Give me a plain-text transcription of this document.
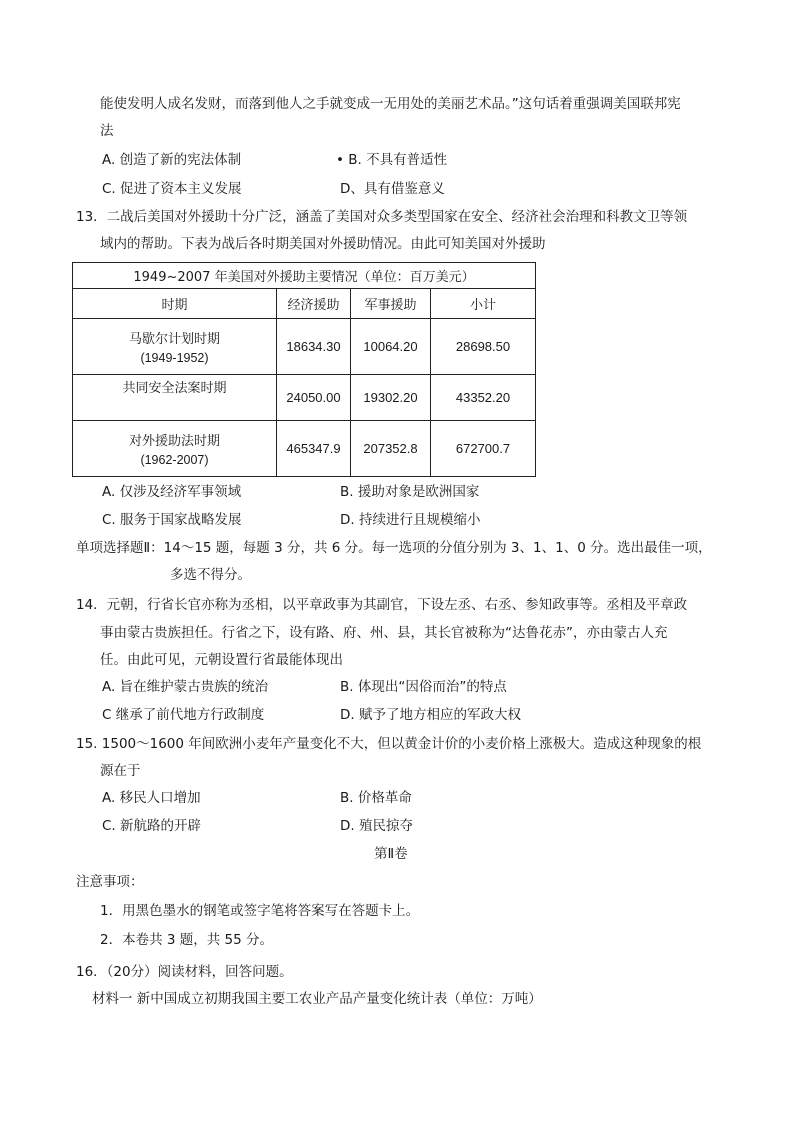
能使发明人成名发财，而落到他人之手就变成一无用处的美丽艺术品。”这句话着重强调美国联邦宪
法
A. 创造了新的宪法体制	• B. 不具有普适性
C. 促进了资本主义发展	D、具有借鉴意义
13．二战后美国对外援助十分广泛，涵盖了美国对众多类型国家在安全、经济社会治理和科教文卫等领
域内的帮助。下表为战后各时期美国对外援助情况。由此可知美国对外援助
1949~2007 年美国对外援助主要情况（单位：百万美元）			
时期	经济援助	军事援助	小计

马歇尔计划时期
(1949-1952)	18634.30	10064.20	28698.50

共同安全法案时期	24050.00	19302.20	43352.20

对外援助法时期
(1962-2007)	465347.9	207352.8	672700.7
A. 仅涉及经济军事领域	B. 援助对象是欧洲国家
C. 服务于国家战略发展	D. 持续进行且规模缩小
单项选择题Ⅱ：14～15 题，每题 3 分，共 6 分。每一选项的分值分别为 3、1、1、0 分。选出最佳一项，
多选不得分。
14．元朝，行省长官亦称为丞相，以平章政事为其副官，下设左丞、右丞、参知政事等。丞相及平章政
事由蒙古贵族担任。行省之下，设有路、府、州、县，其长官被称为“达鲁花赤”，亦由蒙古人充
任。由此可见，元朝设置行省最能体现出
A. 旨在维护蒙古贵族的统治	B. 体现出“因俗而治”的特点
C 继承了前代地方行政制度	D. 赋予了地方相应的军政大权
15. 1500～1600 年间欧洲小麦年产量变化不大，但以黄金计价的小麦价格上涨极大。造成这种现象的根
源在于
A. 移民人口增加	B. 价格革命
C. 新航路的开辟	D. 殖民掠夺
第Ⅱ卷
注意事项：
1．用黑色墨水的钢笔或签字笔将答案写在答题卡上。
2．本卷共 3 题，共 55 分。
16．（20分）阅读材料，回答问题。
材料一 新中国成立初期我国主要工农业产品产量变化统计表（单位：万吨）
